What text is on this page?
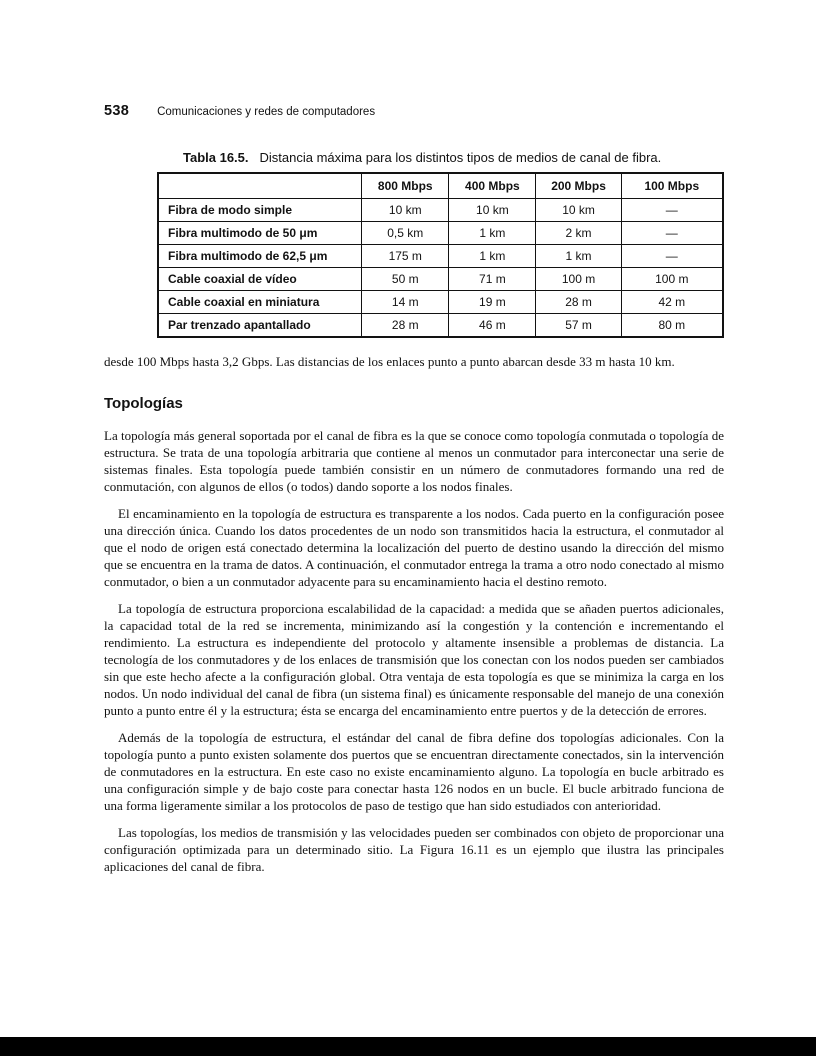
538 Comunicaciones y redes de computadores
Tabla 16.5. Distancia máxima para los distintos tipos de medios de canal de fibra.
	800 Mbps	400 Mbps	200 Mbps	100 Mbps
Fibra de modo simple	10 km	10 km	10 km	—
Fibra multimodo de 50 μm	0,5 km	1 km	2 km	—
Fibra multimodo de 62,5 μm	175 m	1 km	1 km	—
Cable coaxial de vídeo	50 m	71 m	100 m	100 m
Cable coaxial en miniatura	14 m	19 m	28 m	42 m
Par trenzado apantallado	28 m	46 m	57 m	80 m

desde 100 Mbps hasta 3,2 Gbps. Las distancias de los enlaces punto a punto abarcan desde 33 m hasta 10 km.

Topologías

La topología más general soportada por el canal de fibra es la que se conoce como topología conmutada o topología de estructura. Se trata de una topología arbitraria que contiene al menos un conmutador para interconectar una serie de sistemas finales. Esta topología puede también consistir en un número de conmutadores formando una red de conmutación, con algunos de ellos (o todos) dando soporte a los nodos finales.

El encaminamiento en la topología de estructura es transparente a los nodos. Cada puerto en la configuración posee una dirección única. Cuando los datos procedentes de un nodo son transmitidos hacia la estructura, el conmutador al que el nodo de origen está conectado determina la localización del puerto de destino usando la dirección del mismo que se encuentra en la trama de datos. A continuación, el conmutador entrega la trama a otro nodo conectado al mismo conmutador, o bien a un conmutador adyacente para su encaminamiento hacia el destino remoto.

La topología de estructura proporciona escalabilidad de la capacidad: a medida que se añaden puertos adicionales, la capacidad total de la red se incrementa, minimizando así la congestión y la contención e incrementando el rendimiento. La estructura es independiente del protocolo y altamente insensible a problemas de distancia. La tecnología de los conmutadores y de los enlaces de transmisión que los conectan con los nodos pueden ser cambiados sin que este hecho afecte a la configuración global. Otra ventaja de esta topología es que se minimiza la carga en los nodos. Un nodo individual del canal de fibra (un sistema final) es únicamente responsable del manejo de una conexión punto a punto entre él y la estructura; ésta se encarga del encaminamiento entre puertos y de la detección de errores.

Además de la topología de estructura, el estándar del canal de fibra define dos topologías adicionales. Con la topología punto a punto existen solamente dos puertos que se encuentran directamente conectados, sin la intervención de conmutadores en la estructura. En este caso no existe encaminamiento alguno. La topología en bucle arbitrado es una configuración simple y de bajo coste para conectar hasta 126 nodos en un bucle. El bucle arbitrado funciona de una forma ligeramente similar a los protocolos de paso de testigo que han sido estudiados con anterioridad.

Las topologías, los medios de transmisión y las velocidades pueden ser combinados con objeto de proporcionar una configuración optimizada para un determinado sitio. La Figura 16.11 es un ejemplo que ilustra las principales aplicaciones del canal de fibra.
